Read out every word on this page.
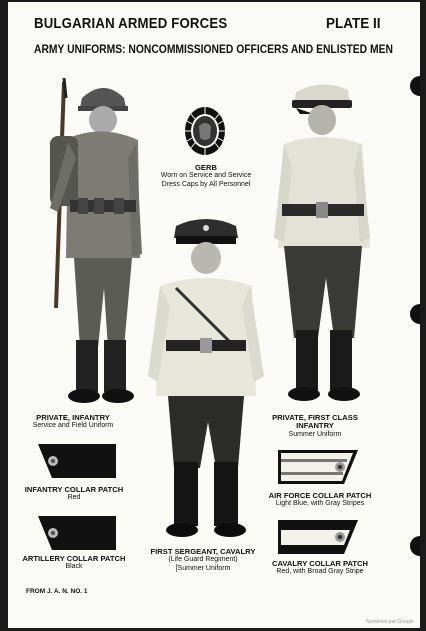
BULGARIAN ARMED FORCES	PLATE II
ARMY UNIFORMS: NONCOMMISSIONED OFFICERS AND ENLISTED MEN
GERB
Worn on Service and Service
Dress Caps by All Personnel
PRIVATE, INFANTRY
Service and Field Uniform
PRIVATE, FIRST CLASS
INFANTRY
Summer Uniform
FIRST SERGEANT, CAVALRY
(Life Guard Regiment)
[Summer Uniform
INFANTRY COLLAR PATCH
Red
ARTILLERY COLLAR PATCH
Black
AIR FORCE COLLAR PATCH
Light Blue, with Gray Stripes
CAVALRY COLLAR PATCH
Red, with Broad Gray Stripe
FROM J. A. N. NO. 1
Numérisé par Google
